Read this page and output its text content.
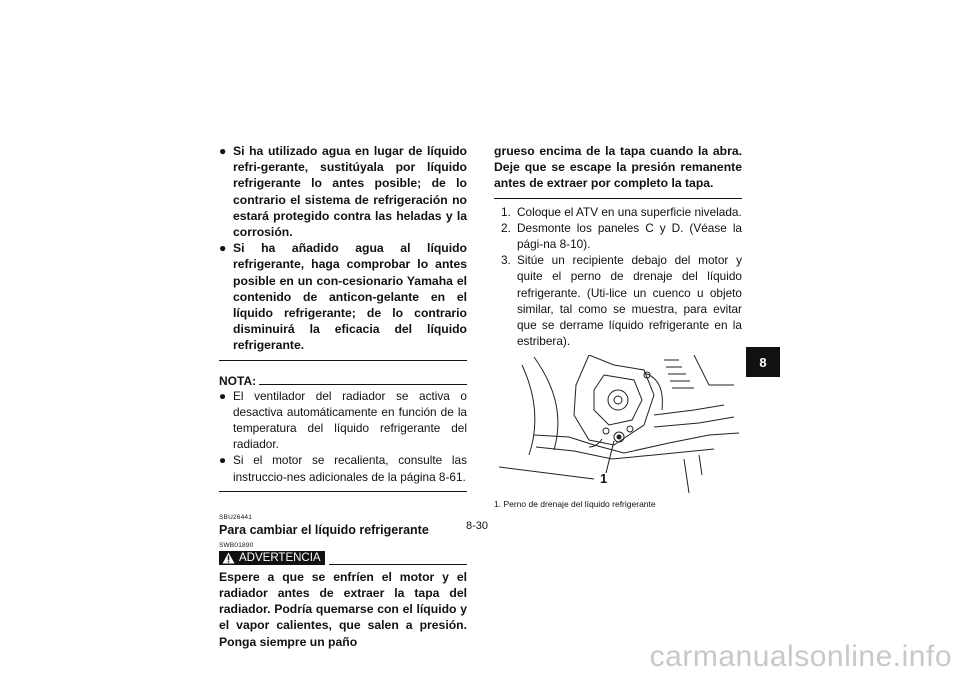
● Si ha utilizado agua en lugar de líquido refri-gerante, sustitúyala por líquido refrigerante lo antes posible; de lo contrario el sistema de refrigeración no estará protegido contra las heladas y la corrosión.
● Si ha añadido agua al líquido refrigerante, haga comprobar lo antes posible en un con-cesionario Yamaha el contenido de anticon-gelante en el líquido refrigerante; de lo contrario disminuirá la eficacia del líquido refrigerante.
NOTA:
● El ventilador del radiador se activa o desactiva automáticamente en función de la temperatura del líquido refrigerante del radiador.
● Si el motor se recalienta, consulte las instruccio-nes adicionales de la página 8-61.
SBU26441
Para cambiar el líquido refrigerante
SWB01890
ADVERTENCIA
Espere a que se enfríen el motor y el radiador antes de extraer la tapa del radiador. Podría quemarse con el líquido y el vapor calientes, que salen a presión. Ponga siempre un paño
grueso encima de la tapa cuando la abra. Deje que se escape la presión remanente antes de extraer por completo la tapa.
1. Coloque el ATV en una superficie nivelada.
2. Desmonte los paneles C y D. (Véase la pági-na 8-10).
3. Sitúe un recipiente debajo del motor y quite el perno de drenaje del líquido refrigerante. (Uti-lice un cuenco u objeto similar, tal como se muestra, para evitar que se derrame líquido refrigerante en la estribera).
1
1. Perno de drenaje del líquido refrigerante
8-30
8
carmanualsonline.info
